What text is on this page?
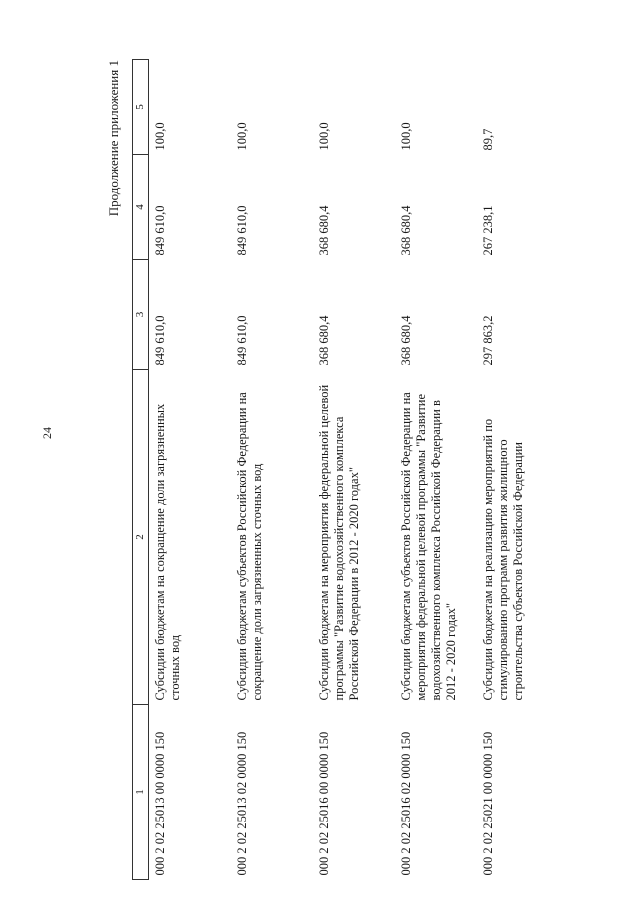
24
Продолжение приложения 1
1	2	3	4	5
000 2 02 25013 00 0000 150	Субсидии бюджетам на сокращение доли загрязненных сточных вод	849 610,0	849 610,0	100,0
000 2 02 25013 02 0000 150	Субсидии бюджетам субъектов Российской Федерации на сокращение доли загрязненных сточных вод	849 610,0	849 610,0	100,0
000 2 02 25016 00 0000 150	Субсидии бюджетам на мероприятия федеральной целевой программы "Развитие водохозяйственного комплекса Российской Федерации в 2012 - 2020 годах"	368 680,4	368 680,4	100,0
000 2 02 25016 02 0000 150	Субсидии бюджетам субъектов Российской Федерации на мероприятия федеральной целевой программы "Развитие водохозяйственного комплекса Российской Федерации в 2012 - 2020 годах"	368 680,4	368 680,4	100,0
000 2 02 25021 00 0000 150	Субсидии бюджетам на реализацию мероприятий по стимулированию программ развития жилищного строительства субъектов Российской Федерации	297 863,2	267 238,1	89,7
